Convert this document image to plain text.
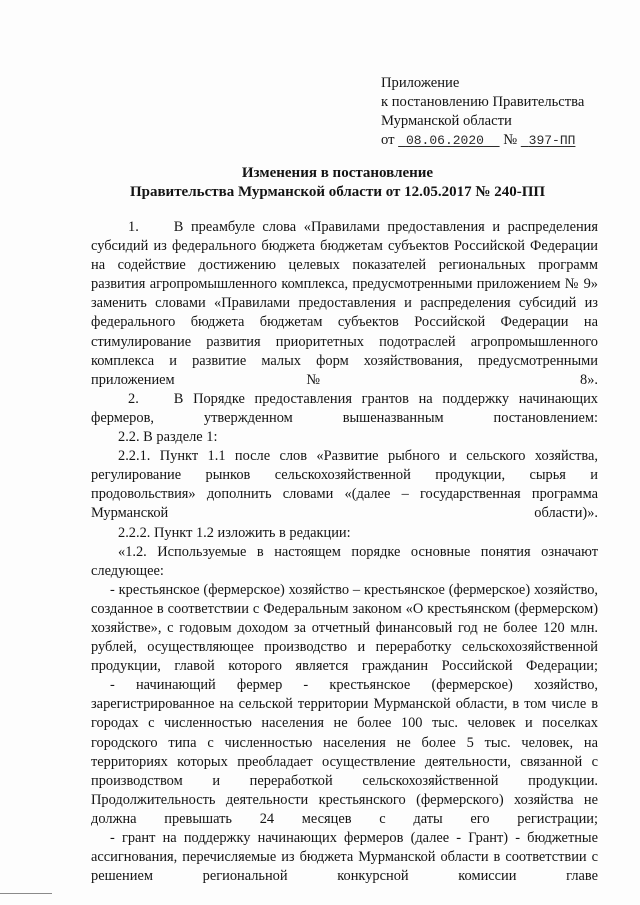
Приложение
к постановлению Правительства
Мурманской области
от 08.06.2020 № 397-ПП
Изменения в постановление
Правительства Мурманской области от 12.05.2017 № 240-ПП

1. В преамбуле слова «Правилами предоставления и распределения субсидий из федерального бюджета бюджетам субъектов Российской Федерации на содействие достижению целевых показателей региональных программ развития агропромышленного комплекса, предусмотренными приложением № 9» заменить словами «Правилами предоставления и распределения субсидий из федерального бюджета бюджетам субъектов Российской Федерации на стимулирование развития приоритетных подотраслей агропромышленного комплекса и развитие малых форм хозяйствования, предусмотренными приложением № 8».

2. В Порядке предоставления грантов на поддержку начинающих фермеров, утвержденном вышеназванным постановлением:

2.2. В разделе 1:

2.2.1. Пункт 1.1 после слов «Развитие рыбного и сельского хозяйства, регулирование рынков сельскохозяйственной продукции, сырья и продовольствия» дополнить словами «(далее – государственная программа Мурманской области)».

2.2.2. Пункт 1.2 изложить в редакции:

«1.2. Используемые в настоящем порядке основные понятия означают следующее:

- крестьянское (фермерское) хозяйство – крестьянское (фермерское) хозяйство, созданное в соответствии с Федеральным законом «О крестьянском (фермерском) хозяйстве», с годовым доходом за отчетный финансовый год не более 120 млн. рублей, осуществляющее производство и переработку сельскохозяйственной продукции, главой которого является гражданин Российской Федерации;

- начинающий фермер - крестьянское (фермерское) хозяйство, зарегистрированное на сельской территории Мурманской области, в том числе в городах с численностью населения не более 100 тыс. человек и поселках городского типа с численностью населения не более 5 тыс. человек, на территориях которых преобладает осуществление деятельности, связанной с производством и переработкой сельскохозяйственной продукции. Продолжительность деятельности крестьянского (фермерского) хозяйства не должна превышать 24 месяцев с даты его регистрации;

- грант на поддержку начинающих фермеров (далее - Грант) - бюджетные ассигнования, перечисляемые из бюджета Мурманской области в соответствии с решением региональной конкурсной комиссии главе
